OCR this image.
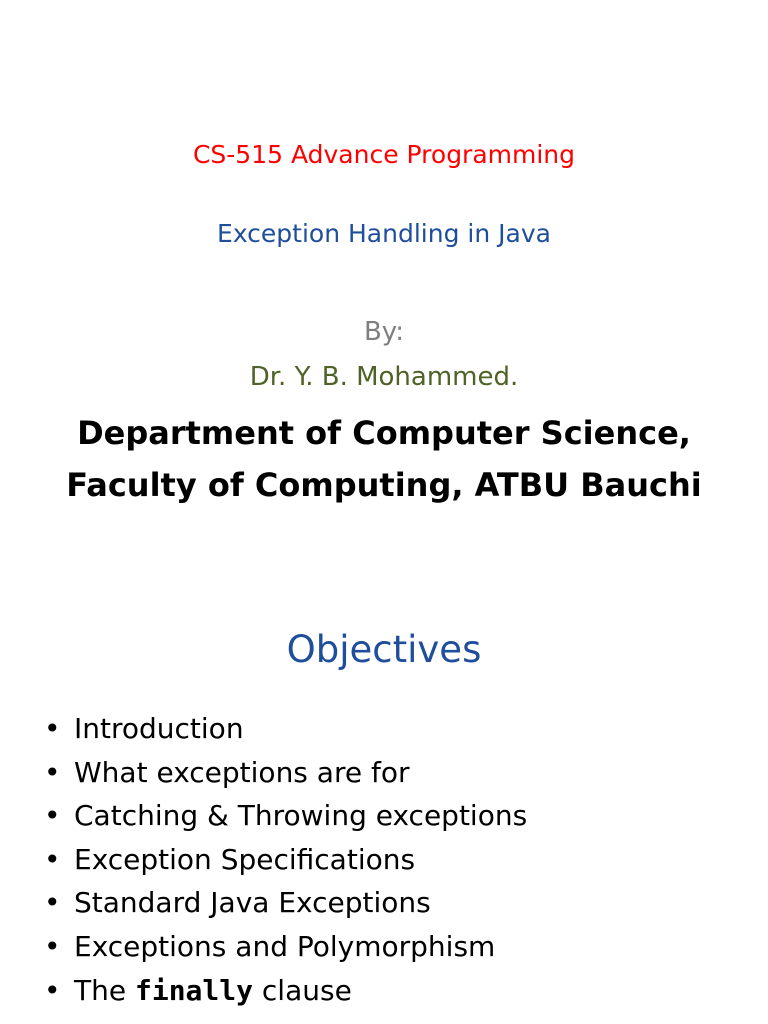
CS-515 Advance Programming
Exception Handling in Java
By:
Dr. Y. B. Mohammed.
Department of Computer Science,
Faculty of Computing, ATBU Bauchi
Objectives
• Introduction
• What exceptions are for
• Catching & Throwing exceptions
• Exception Specifications
• Standard Java Exceptions
• Exceptions and Polymorphism
• The finally clause
